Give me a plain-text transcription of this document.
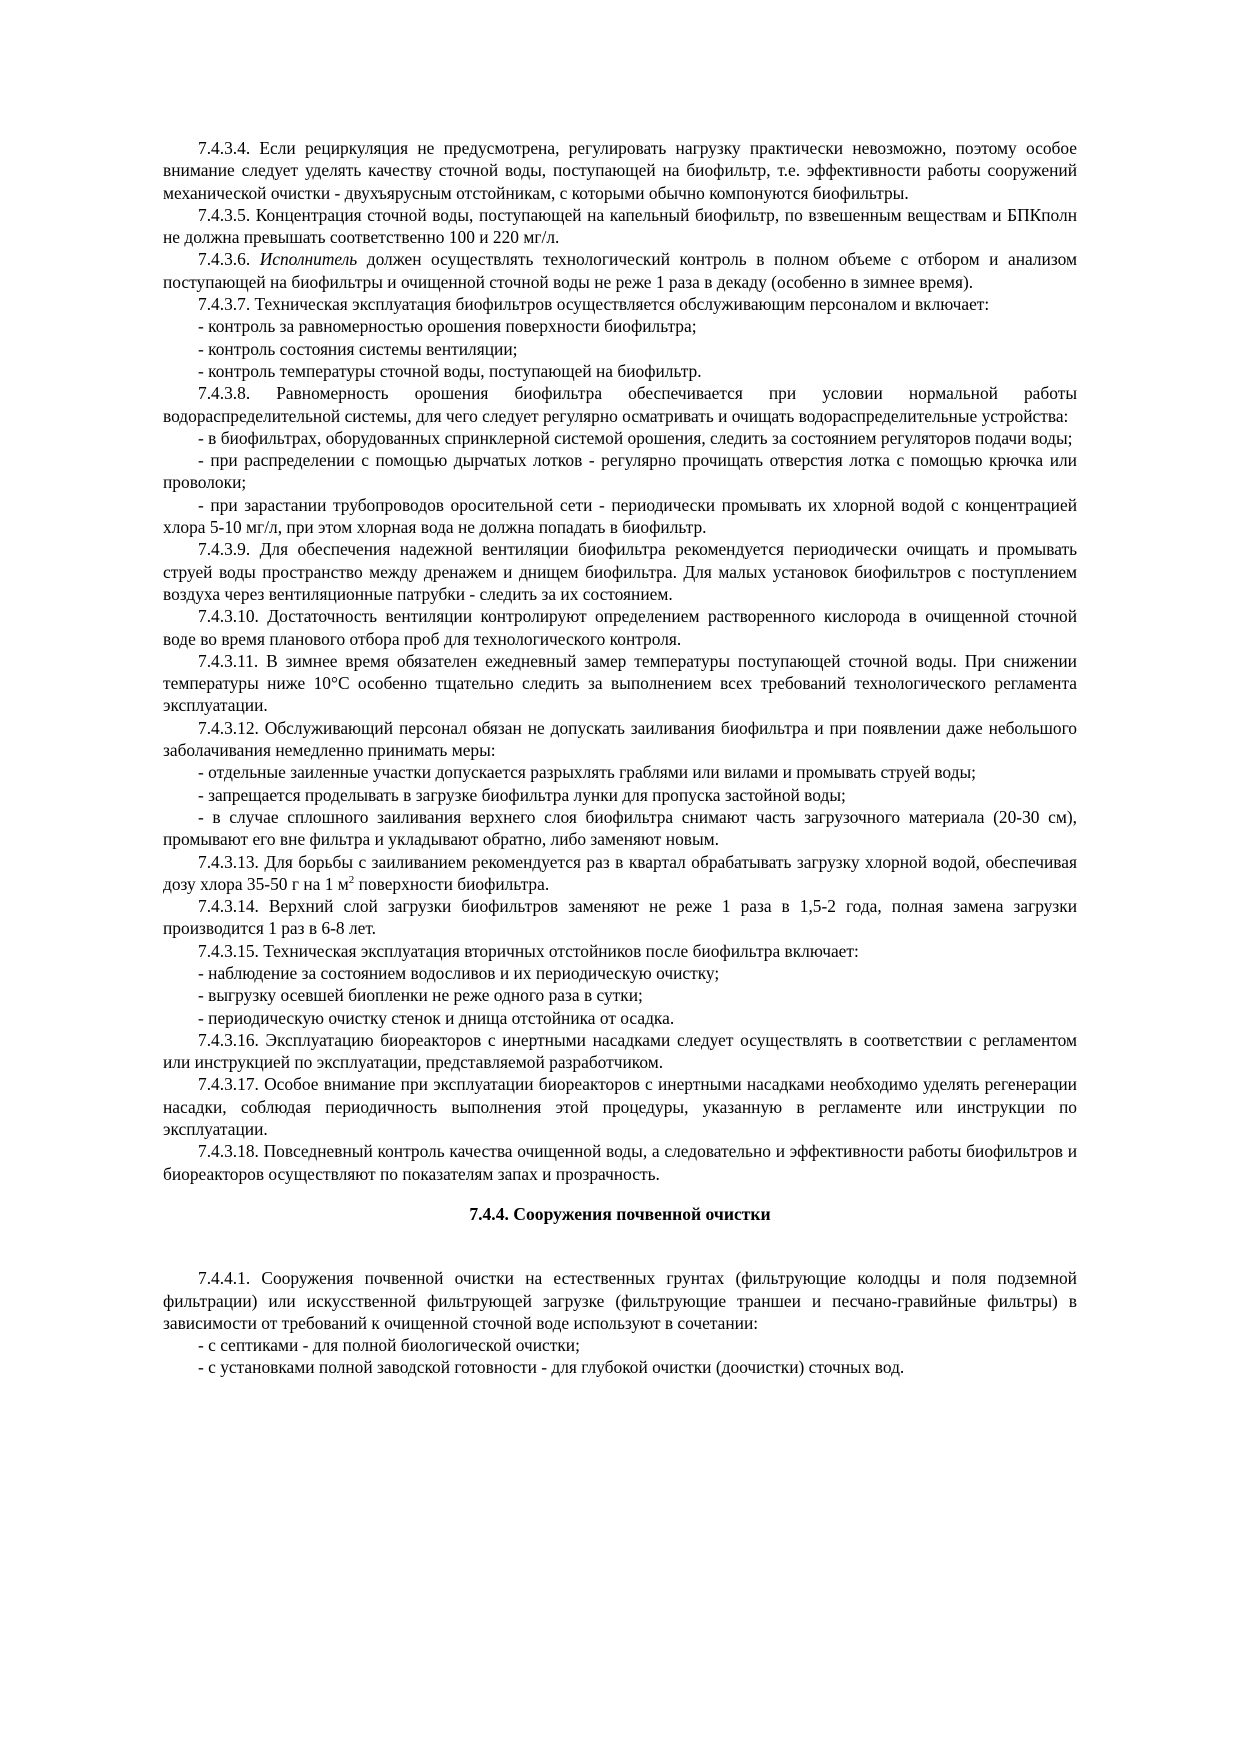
7.4.3.4. Если рециркуляция не предусмотрена, регулировать нагрузку практически невозможно, поэтому особое внимание следует уделять качеству сточной воды, поступающей на биофильтр, т.е. эффективности работы сооружений механической очистки - двухъярусным отстойникам, с которыми обычно компонуются биофильтры.

7.4.3.5. Концентрация сточной воды, поступающей на капельный биофильтр, по взвешенным веществам и БПКполн не должна превышать соответственно 100 и 220 мг/л.

7.4.3.6. Исполнитель должен осуществлять технологический контроль в полном объеме с отбором и анализом поступающей на биофильтры и очищенной сточной воды не реже 1 раза в декаду (особенно в зимнее время).

7.4.3.7. Техническая эксплуатация биофильтров осуществляется обслуживающим персоналом и включает:

- контроль за равномерностью орошения поверхности биофильтра;

- контроль состояния системы вентиляции;

- контроль температуры сточной воды, поступающей на биофильтр.

7.4.3.8. Равномерность орошения биофильтра обеспечивается при условии нормальной работы водораспределительной системы, для чего следует регулярно осматривать и очищать водораспределительные устройства:

- в биофильтрах, оборудованных спринклерной системой орошения, следить за состоянием регуляторов подачи воды;

- при распределении с помощью дырчатых лотков - регулярно прочищать отверстия лотка с помощью крючка или проволоки;

- при зарастании трубопроводов оросительной сети - периодически промывать их хлорной водой с концентрацией хлора 5-10 мг/л, при этом хлорная вода не должна попадать в биофильтр.

7.4.3.9. Для обеспечения надежной вентиляции биофильтра рекомендуется периодически очищать и промывать струей воды пространство между дренажем и днищем биофильтра. Для малых установок биофильтров с поступлением воздуха через вентиляционные патрубки - следить за их состоянием.

7.4.3.10. Достаточность вентиляции контролируют определением растворенного кислорода в очищенной сточной воде во время планового отбора проб для технологического контроля.

7.4.3.11. В зимнее время обязателен ежедневный замер температуры поступающей сточной воды. При снижении температуры ниже 10°С особенно тщательно следить за выполнением всех требований технологического регламента эксплуатации.

7.4.3.12. Обслуживающий персонал обязан не допускать заиливания биофильтра и при появлении даже небольшого заболачивания немедленно принимать меры:

- отдельные заиленные участки допускается разрыхлять граблями или вилами и промывать струей воды;

- запрещается проделывать в загрузке биофильтра лунки для пропуска застойной воды;

- в случае сплошного заиливания верхнего слоя биофильтра снимают часть загрузочного материала (20-30 см), промывают его вне фильтра и укладывают обратно, либо заменяют новым.

7.4.3.13. Для борьбы с заиливанием рекомендуется раз в квартал обрабатывать загрузку хлорной водой, обеспечивая дозу хлора 35-50 г на 1 $м^2$ поверхности биофильтра.

7.4.3.14. Верхний слой загрузки биофильтров заменяют не реже 1 раза в 1,5-2 года, полная замена загрузки производится 1 раз в 6-8 лет.

7.4.3.15. Техническая эксплуатация вторичных отстойников после биофильтра включает:

- наблюдение за состоянием водосливов и их периодическую очистку;

- выгрузку осевшей биопленки не реже одного раза в сутки;

- периодическую очистку стенок и днища отстойника от осадка.

7.4.3.16. Эксплуатацию биореакторов с инертными насадками следует осуществлять в соответствии с регламентом или инструкцией по эксплуатации, представляемой разработчиком.

7.4.3.17. Особое внимание при эксплуатации биореакторов с инертными насадками необходимо уделять регенерации насадки, соблюдая периодичность выполнения этой процедуры, указанную в регламенте или инструкции по эксплуатации.

7.4.3.18. Повседневный контроль качества очищенной воды, а следовательно и эффективности работы биофильтров и биореакторов осуществляют по показателям запах и прозрачность.

7.4.4. Сооружения почвенной очистки

7.4.4.1. Сооружения почвенной очистки на естественных грунтах (фильтрующие колодцы и поля подземной фильтрации) или искусственной фильтрующей загрузке (фильтрующие траншеи и песчано-гравийные фильтры) в зависимости от требований к очищенной сточной воде используют в сочетании:

- с септиками - для полной биологической очистки;

- с установками полной заводской готовности - для глубокой очистки (доочистки) сточных вод.
